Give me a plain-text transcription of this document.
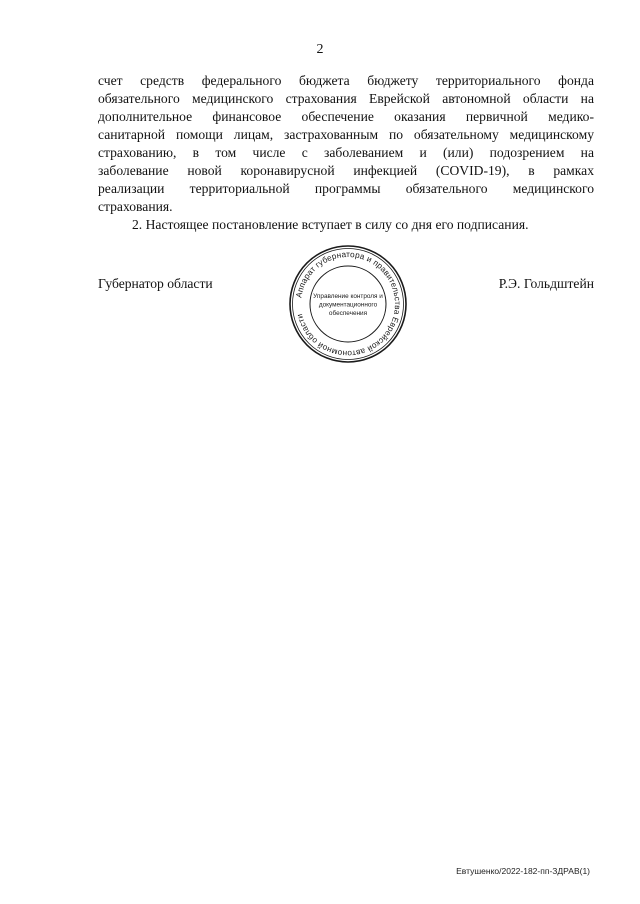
2

счет средств федерального бюджета бюджету территориального фонда
обязательного медицинского страхования Еврейской автономной области на
дополнительное финансовое обеспечение оказания первичной медико-
санитарной помощи лицам, застрахованным по обязательному медицинскому
страхованию, в том числе с заболеванием и (или) подозрением на
заболевание новой коронавирусной инфекцией (COVID-19), в рамках
реализации территориальной программы обязательного медицинского
страхования.

2. Настоящее постановление вступает в силу со дня его подписания.

Губернатор области	Р.Э. Гольдштейн
Аппарат губернатора и правительства Еврейской автономной области
Управление контроля и
документационного
обеспечения
Евтушенко/2022-182-пп-ЗДРАВ(1)
